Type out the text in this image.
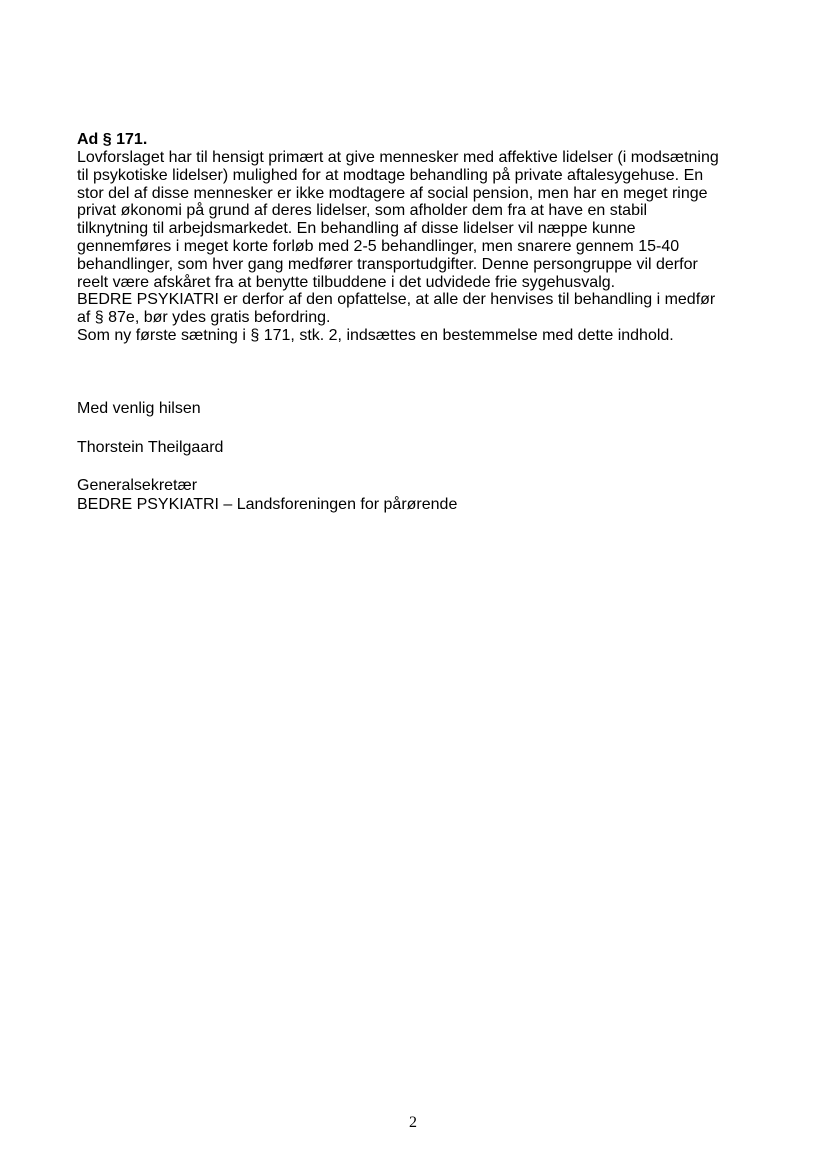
Ad § 171.

Lovforslaget har til hensigt primært at give mennesker med affektive lidelser (i modsætning

til psykotiske lidelser) mulighed for at modtage behandling på private aftalesygehuse. En

stor del af disse mennesker er ikke modtagere af social pension, men har en meget ringe

privat økonomi på grund af deres lidelser, som afholder dem fra at have en stabil

tilknytning til arbejdsmarkedet. En behandling af disse lidelser vil næppe kunne

gennemføres i meget korte forløb med 2-5 behandlinger, men snarere gennem 15-40

behandlinger, som hver gang medfører transportudgifter. Denne persongruppe vil derfor

reelt være afskåret fra at benytte tilbuddene i det udvidede frie sygehusvalg.

BEDRE PSYKIATRI er derfor af den opfattelse, at alle der henvises til behandling i medfør

af § 87e, bør ydes gratis befordring.

Som ny første sætning i § 171, stk. 2, indsættes en bestemmelse med dette indhold.

Med venlig hilsen

Thorstein Theilgaard

Generalsekretær

BEDRE PSYKIATRI – Landsforeningen for pårørende

2
